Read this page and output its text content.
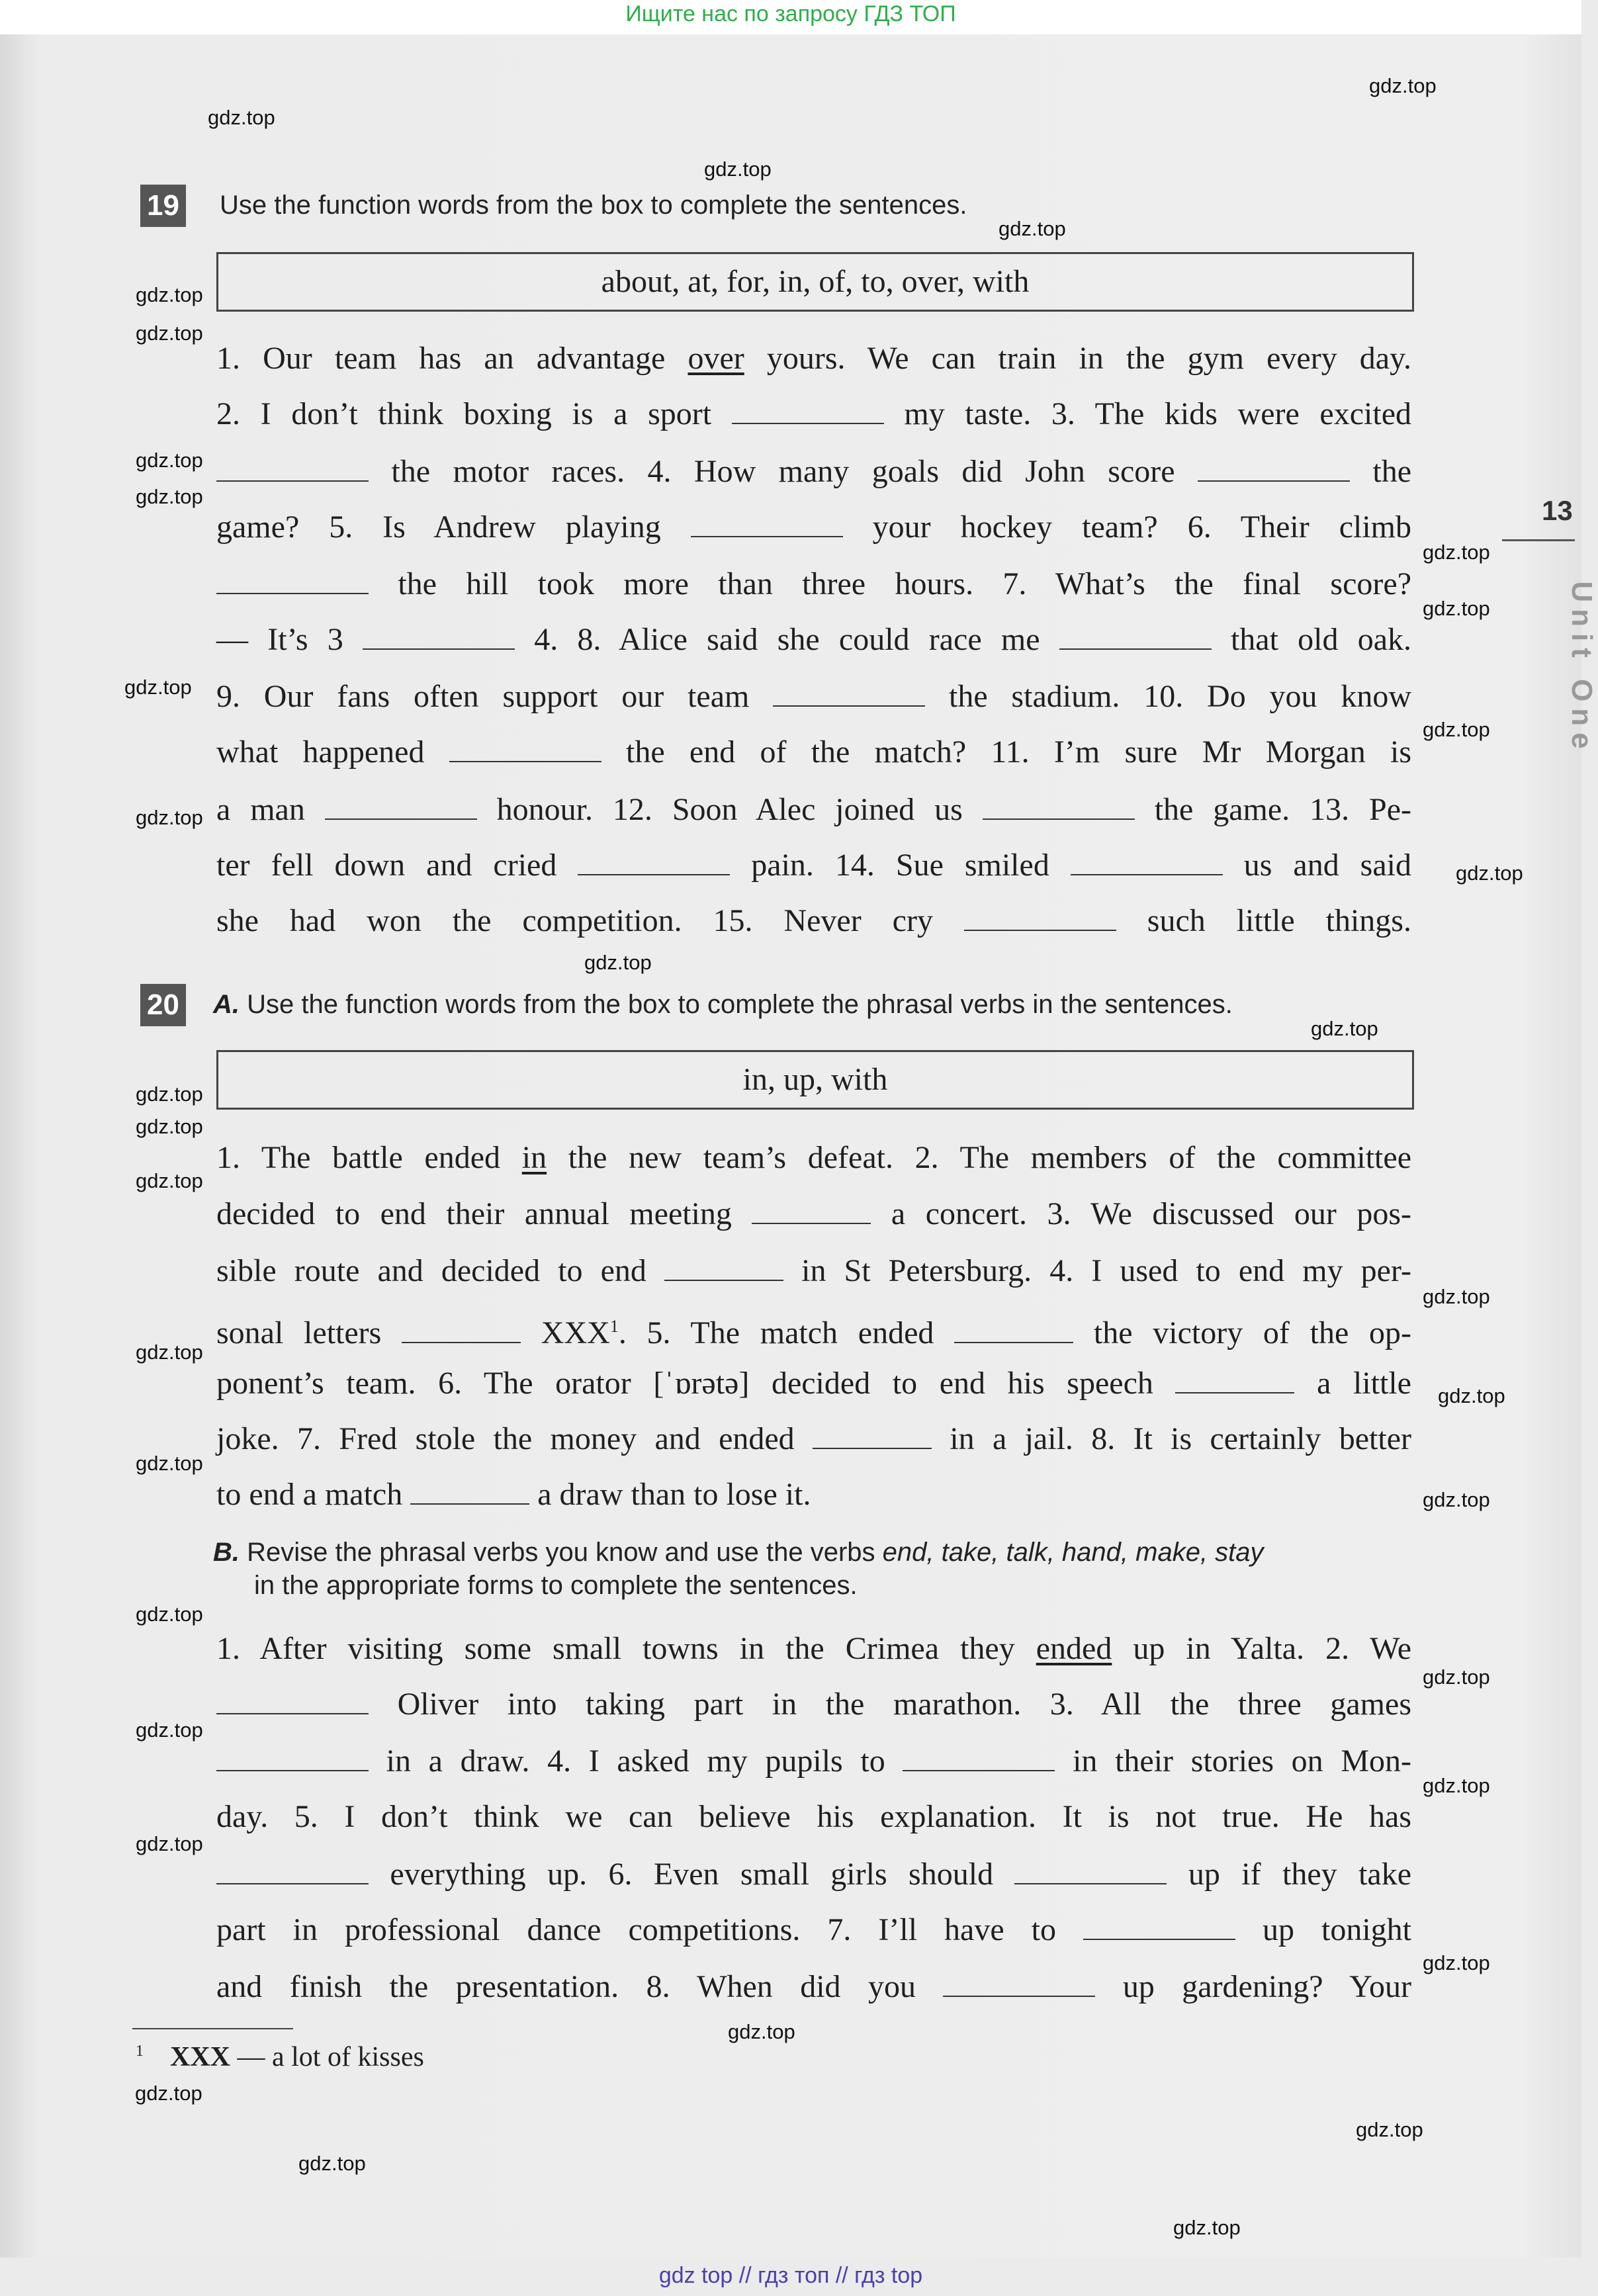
Ищите нас по запросу ГДЗ ТОП
19 Use the function words from the box to complete the sentences.
about, at, for, in, of, to, over, with
1. Our team has an advantage over yours. We can train in the gym every day.
2. I don’t think boxing is a sport	my taste. 3. The kids were excited
the motor races. 4. How many goals did John score	the
game? 5. Is Andrew playing	your hockey team? 6. Their climb
the hill took more than three hours. 7. What’s the final score?
— It’s 3	4. 8. Alice said she could race me	that old oak.
9. Our fans often support our team	the stadium. 10. Do you know
what happened	the end of the match? 11. I’m sure Mr Morgan is
a man	honour. 12. Soon Alec joined us	the game. 13. Pe-
ter fell down and cried	pain. 14. Sue smiled	us and said
she had won the competition. 15. Never cry	such little things.
20 A. Use the function words from the box to complete the phrasal verbs in the sentences.
in, up, with
1. The battle ended in the new team’s defeat. 2. The members of the committee
decided to end their annual meeting	a concert. 3. We discussed our pos-
sible route and decided to end	in St Petersburg. 4. I used to end my per-
sonal letters	XXX$^1$. 5. The match ended	the victory of the op-
ponent’s team. 6. The orator [ˈɒrətə] decided to end his speech	a little
joke. 7. Fred stole the money and ended	in a jail. 8. It is certainly better
to end a match	a draw than to lose it.
B. Revise the phrasal verbs you know and use the verbs end, take, talk, hand, make, stay
in the appropriate forms to complete the sentences.
1. After visiting some small towns in the Crimea they ended up in Yalta. 2. We
Oliver into taking part in the marathon. 3. All the three games
in a draw. 4. I asked my pupils to	in their stories on Mon-
day. 5. I don’t think we can believe his explanation. It is not true. He has
everything up. 6. Even small girls should	up if they take
part in professional dance competitions. 7. I’ll have to	up tonight
and finish the presentation. 8. When did you	up gardening? Your
$^1$ XXX — a lot of kisses
13
Unit One
gdz.top
gdz.top
gdz.top
gdz.top
gdz.top
gdz.top
gdz.top
gdz.top
gdz.top
gdz.top
gdz.top
gdz.top
gdz.top
gdz.top
gdz.top
gdz.top
gdz.top
gdz.top
gdz.top
gdz.top
gdz.top
gdz.top
gdz.top
gdz.top
gdz.top
gdz.top
gdz.top
gdz.top
gdz.top
gdz.top
gdz.top
gdz.top
gdz.top
gdz.top
gdz.top
gdz top // гдз топ // гдз top
